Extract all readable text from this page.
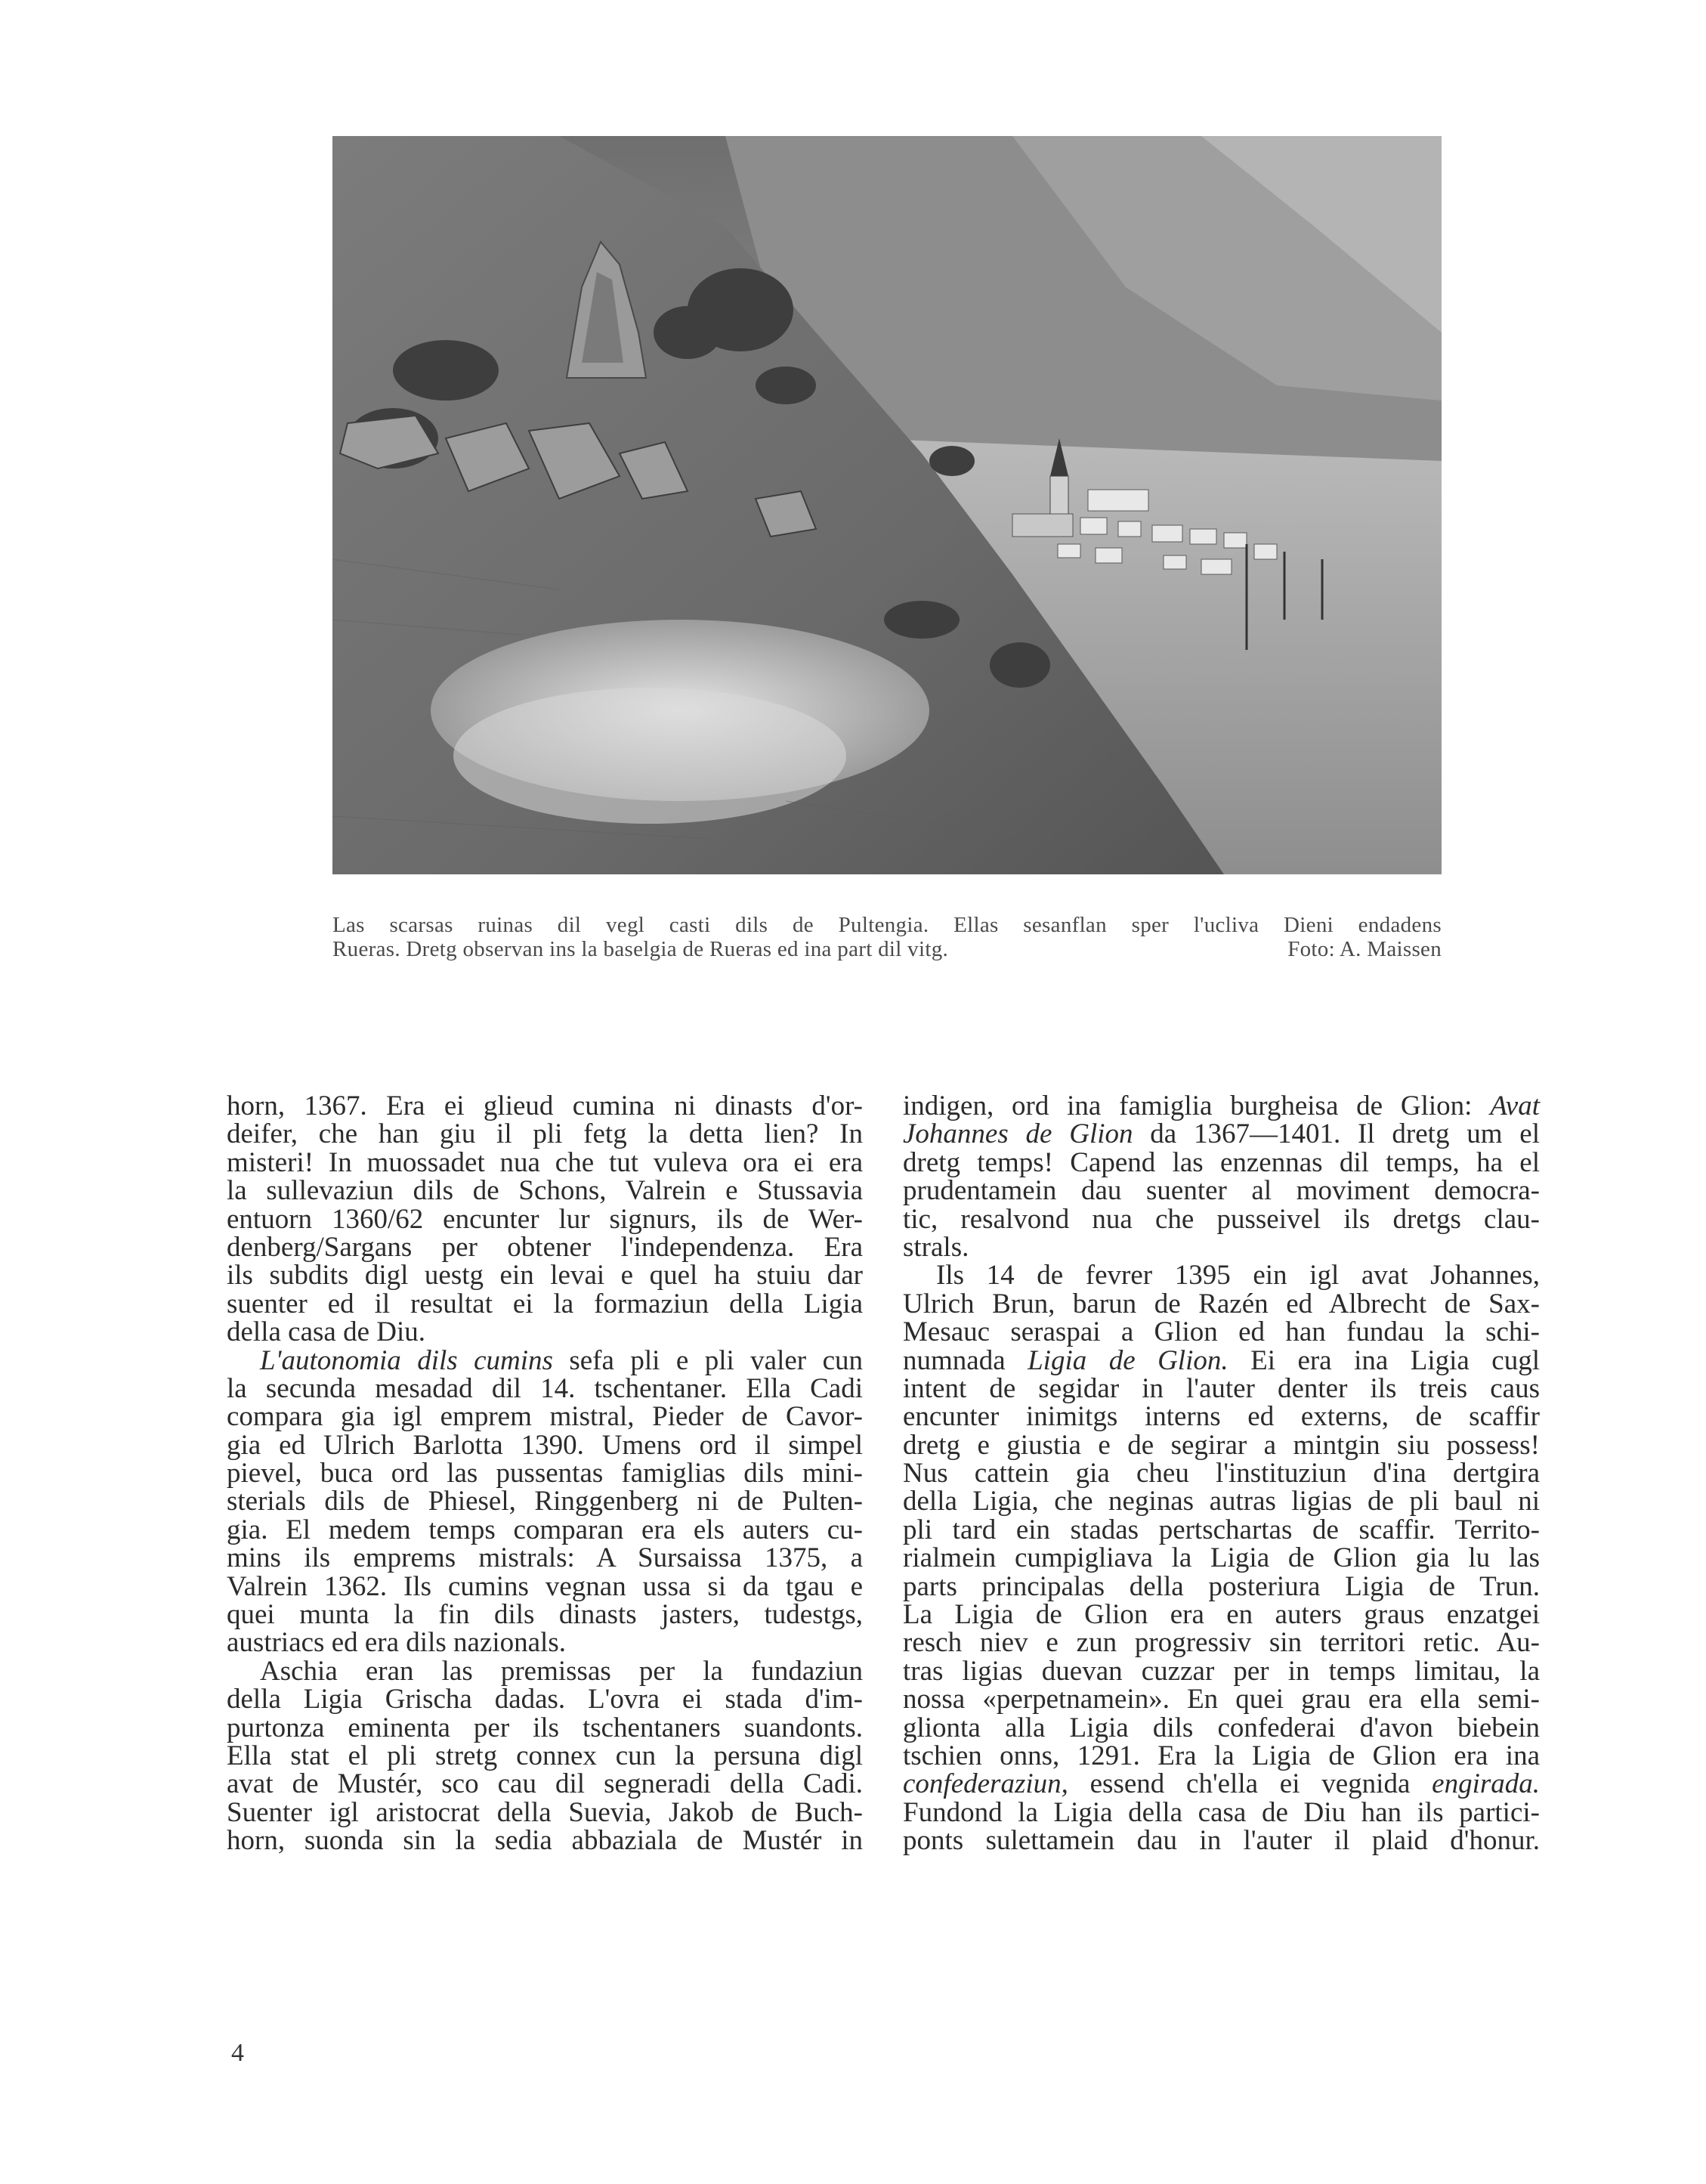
Las scarsas ruinas dil vegl casti dils de Pultengia. Ellas sesanflan sper l'ucliva Dieni endadens
Rueras. Dretg observan ins la baselgia de Rueras ed ina part dil vitg.	Foto: A. Maissen
horn, 1367. Era ei glieud cumina ni dinasts d'or-
deifer, che han giu il pli fetg la detta lien? In
misteri! In muossadet nua che tut vuleva ora ei era
la sullevaziun dils de Schons, Valrein e Stussavia
entuorn 1360/62 encunter lur signurs, ils de Wer-
denberg/Sargans per obtener l'independenza. Era
ils subdits digl uestg ein levai e quel ha stuiu dar
suenter ed il resultat ei la formaziun della Ligia
della casa de Diu.
L'autonomia dils cumins sefa pli e pli valer cun
la secunda mesadad dil 14. tschentaner. Ella Cadi
compara gia igl emprem mistral, Pieder de Cavor-
gia ed Ulrich Barlotta 1390. Umens ord il simpel
pievel, buca ord las pussentas famiglias dils mini-
sterials dils de Phiesel, Ringgenberg ni de Pulten-
gia. El medem temps comparan era els auters cu-
mins ils emprems mistrals: A Sursaissa 1375, a
Valrein 1362. Ils cumins vegnan ussa si da tgau e
quei munta la fin dils dinasts jasters, tudestgs,
austriacs ed era dils nazionals.
Aschia eran las premissas per la fundaziun
della Ligia Grischa dadas. L'ovra ei stada d'im-
purtonza eminenta per ils tschentaners suandonts.
Ella stat el pli stretg connex cun la persuna digl
avat de Mustér, sco cau dil segneradi della Cadi.
Suenter igl aristocrat della Suevia, Jakob de Buch-
horn, suonda sin la sedia abbaziala de Mustér in
indigen, ord ina famiglia burgheisa de Glion: Avat
Johannes de Glion da 1367—1401. Il dretg um el
dretg temps! Capend las enzennas dil temps, ha el
prudentamein dau suenter al moviment democra-
tic, resalvond nua che pusseivel ils dretgs clau-
strals.
Ils 14 de fevrer 1395 ein igl avat Johannes,
Ulrich Brun, barun de Razén ed Albrecht de Sax-
Mesauc seraspai a Glion ed han fundau la schi-
numnada Ligia de Glion. Ei era ina Ligia cugl
intent de segidar in l'auter denter ils treis caus
encunter inimitgs interns ed externs, de scaffir
dretg e giustia e de segirar a mintgin siu possess!
Nus cattein gia cheu l'instituziun d'ina dertgira
della Ligia, che neginas autras ligias de pli baul ni
pli tard ein stadas pertschartas de scaffir. Territo-
rialmein cumpigliava la Ligia de Glion gia lu las
parts principalas della posteriura Ligia de Trun.
La Ligia de Glion era en auters graus enzatgei
resch niev e zun progressiv sin territori retic. Au-
tras ligias duevan cuzzar per in temps limitau, la
nossa «perpetnamein». En quei grau era ella semi-
glionta alla Ligia dils confederai d'avon biebein
tschien onns, 1291. Era la Ligia de Glion era ina
confederaziun, essend ch'ella ei vegnida engirada.
Fundond la Ligia della casa de Diu han ils partici-
ponts sulettamein dau in l'auter il plaid d'honur.
4
